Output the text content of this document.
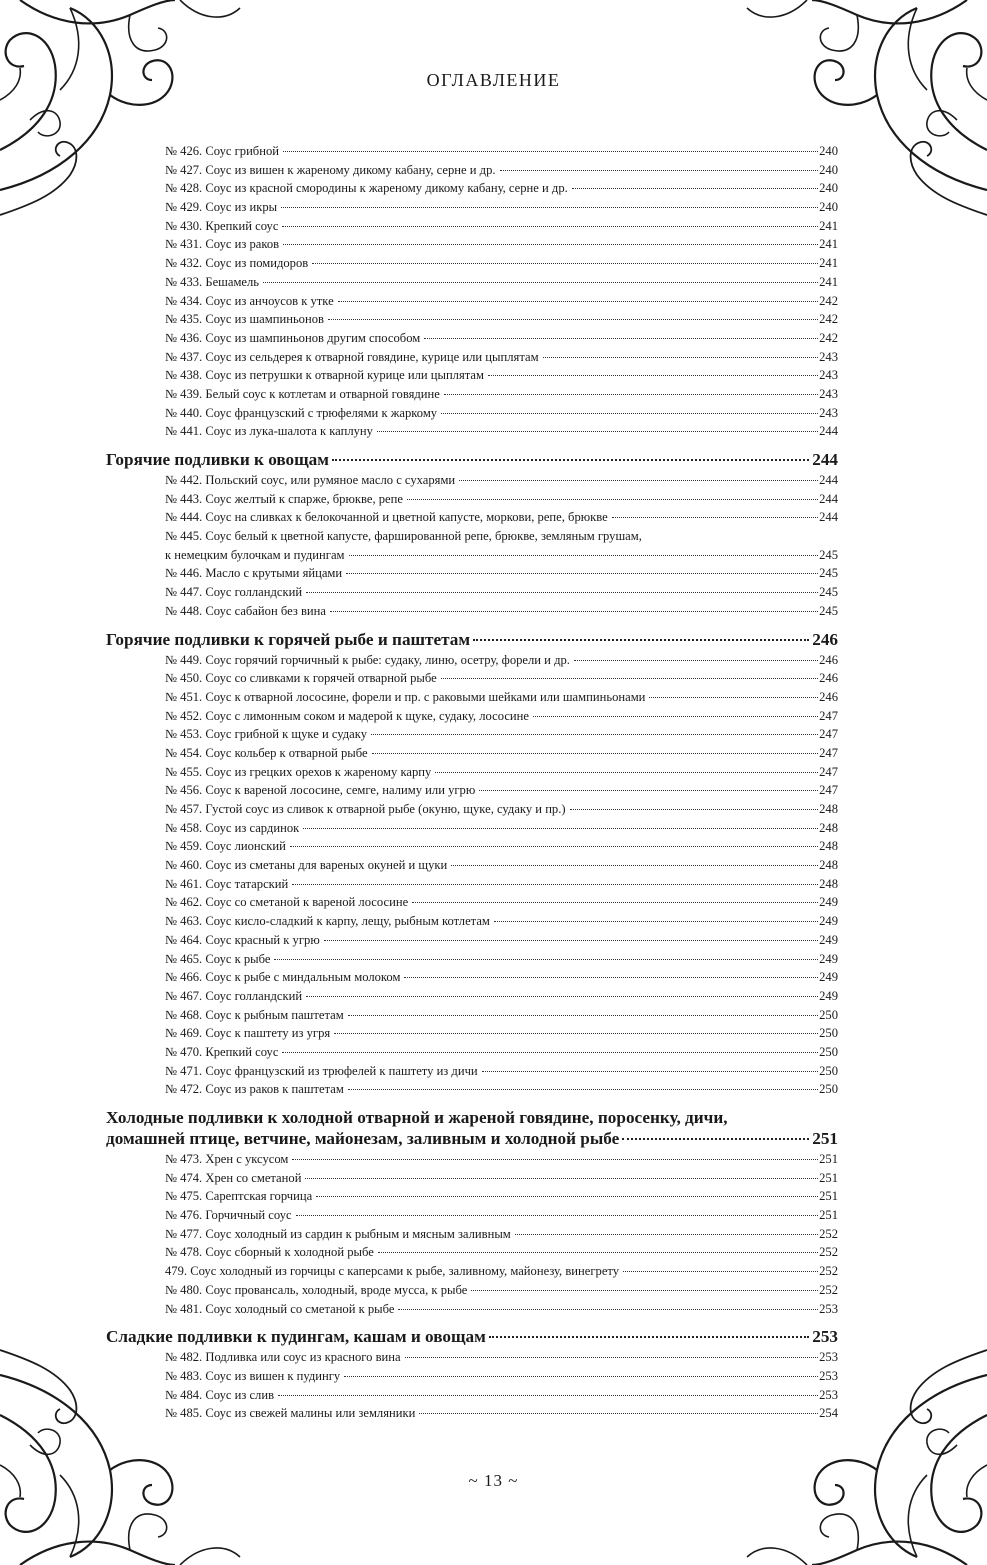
ОГЛАВЛЕНИЕ
№ 426. Соус грибной	240
№ 427. Соус из вишен к жареному дикому кабану, серне и др.	240
№ 428. Соус из красной смородины к жареному дикому кабану, серне и др.	240
№ 429. Соус из икры	240
№ 430. Крепкий соус	241
№ 431. Соус из раков	241
№ 432. Соус из помидоров	241
№ 433. Бешамель	241
№ 434. Соус из анчоусов к утке	242
№ 435. Соус из шампиньонов	242
№ 436. Соус из шампиньонов другим способом	242
№ 437. Соус из сельдерея к отварной говядине, курице или цыплятам	243
№ 438. Соус из петрушки к отварной курице или цыплятам	243
№ 439. Белый соус к котлетам и отварной говядине	243
№ 440. Соус французский с трюфелями к жаркому	243
№ 441. Соус из лука-шалота к каплуну	244
Горячие подливки к овощам	244
№ 442. Польский соус, или румяное масло с сухарями	244
№ 443. Соус желтый к спарже, брюкве, репе	244
№ 444. Соус на сливках к белокочанной и цветной капусте, моркови, репе, брюкве	244
№ 445. Соус белый к цветной капусте, фаршированной репе, брюкве, земляным грушам,
к немецким булочкам и пудингам	245
№ 446. Масло с крутыми яйцами	245
№ 447. Соус голландский	245
№ 448. Соус сабайон без вина	245
Горячие подливки к горячей рыбе и паштетам	246
№ 449. Соус горячий горчичный к рыбе: судаку, линю, осетру, форели и др.	246
№ 450. Соус со сливками к горячей отварной рыбе	246
№ 451. Соус к отварной лососине, форели и пр. с раковыми шейками или шампиньонами	246
№ 452. Соус с лимонным соком и мадерой к щуке, судаку, лососине	247
№ 453. Соус грибной к щуке и судаку	247
№ 454. Соус кольбер к отварной рыбе	247
№ 455. Соус из грецких орехов к жареному карпу	247
№ 456. Соус к вареной лососине, семге, налиму или угрю	247
№ 457. Густой соус из сливок к отварной рыбе (окуню, щуке, судаку и пр.)	248
№ 458. Соус из сардинок	248
№ 459. Соус лионский	248
№ 460. Соус из сметаны для вареных окуней и щуки	248
№ 461. Соус татарский	248
№ 462. Соус со сметаной к вареной лососине	249
№ 463. Соус кисло-сладкий к карпу, лещу, рыбным котлетам	249
№ 464. Соус красный к угрю	249
№ 465. Соус к рыбе	249
№ 466. Соус к рыбе с миндальным молоком	249
№ 467. Соус голландский	249
№ 468. Соус к рыбным паштетам	250
№ 469. Соус к паштету из угря	250
№ 470. Крепкий соус	250
№ 471. Соус французский из трюфелей к паштету из дичи	250
№ 472. Соус из раков к паштетам	250
Холодные подливки к холодной отварной и жареной говядине, поросенку, дичи,
домашней птице, ветчине, майонезам, заливным и холодной рыбе	251
№ 473. Хрен с уксусом	251
№ 474. Хрен со сметаной	251
№ 475. Сарептская горчица	251
№ 476. Горчичный соус	251
№ 477. Соус холодный из сардин к рыбным и мясным заливным	252
№ 478. Соус сборный к холодной рыбе	252
479. Соус холодный из горчицы с каперсами к рыбе, заливному, майонезу, винегрету	252
№ 480. Соус провансаль, холодный, вроде мусса, к рыбе	252
№ 481. Соус холодный со сметаной к рыбе	253
Сладкие подливки к пудингам, кашам и овощам	253
№ 482. Подливка или соус из красного вина	253
№ 483. Соус из вишен к пудингу	253
№ 484. Соус из слив	253
№ 485. Соус из свежей малины или земляники	254
~ 13 ~
